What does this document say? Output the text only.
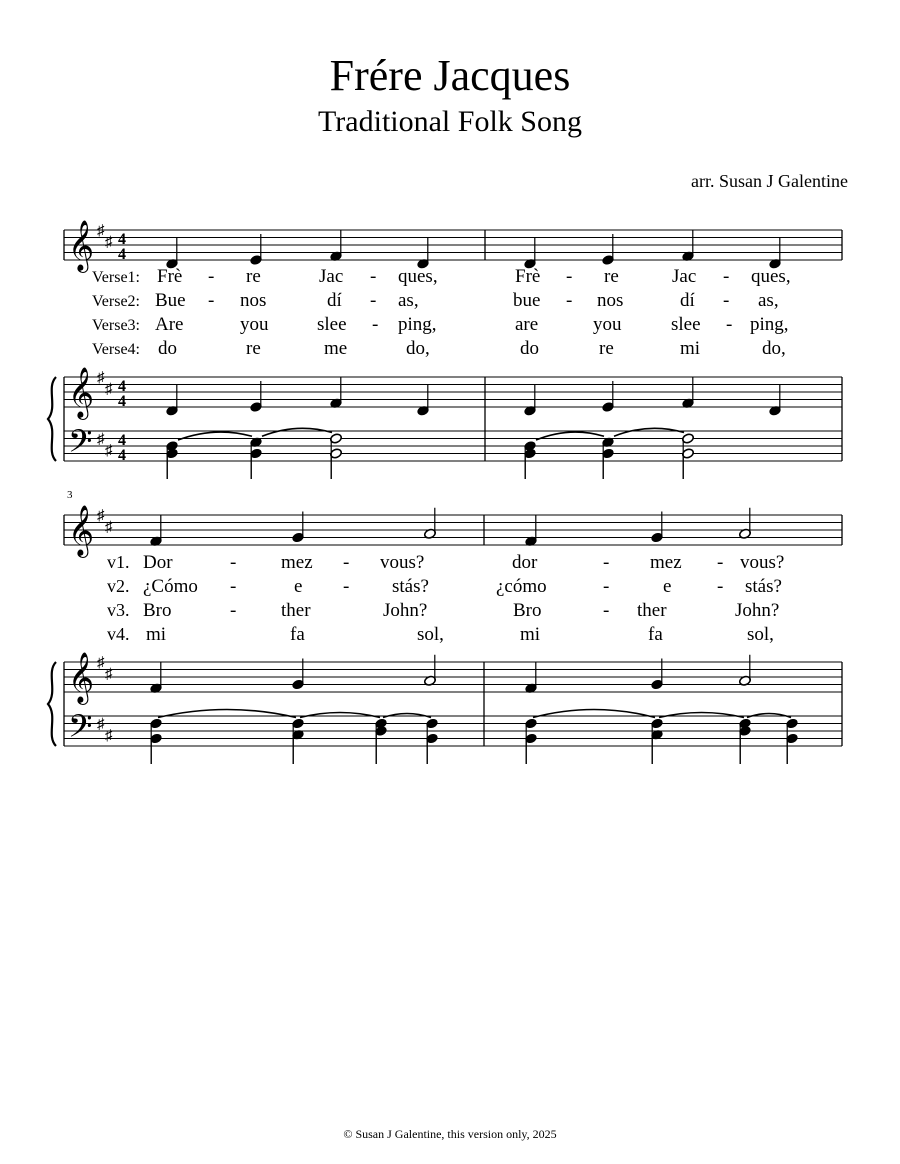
Frére Jacques
Traditional Folk Song
arr. Susan J Galentine
𝄞 ♯
♯ 4
4
𝄞 ♯
♯ 4
4
𝄢 ♯
♯
4
4
𝄞 ♯
♯
𝄞 ♯
♯
𝄢 ♯
♯
Verse1:
Verse2:
Verse3:
Verse4:
Frè - re	Jac - ques,	Frè - re	Jac - ques,
Bue - nos	dí - as,	bue - nos	dí - as,
Are	you	slee - ping,	are	you	slee - ping,
do	re	me	do,	do	re	mi	do,
v1.
v2.
v3.
v4.
Dor	- mez - vous?	dor	- mez - vous?
¿Cómo -	e - stás?	¿cómo	-	e - stás?
Bro	- ther	John?	Bro	- ther	John?
mi	fa	sol,	mi	fa	sol,
3
© Susan J Galentine, this version only, 2025
